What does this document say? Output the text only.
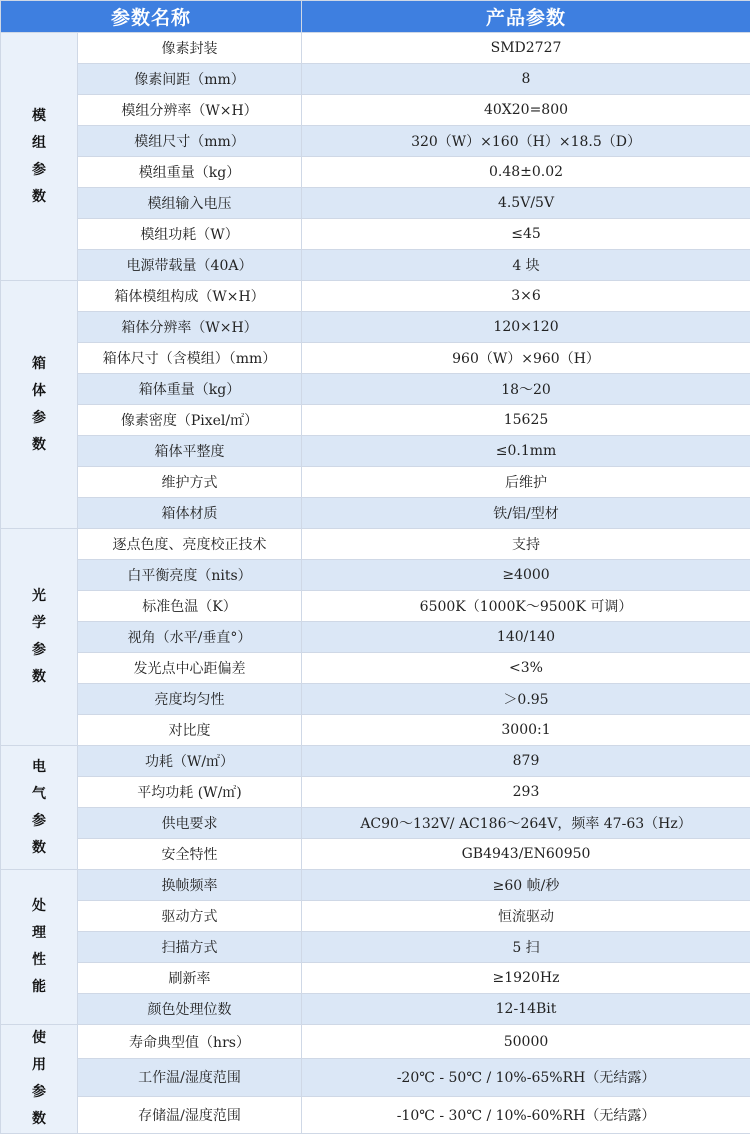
参数名称		产品参数
模组参数	像素封装	SMD2727
	像素间距（mm）	8
	模组分辨率（W×H）	40X20=800
	模组尺寸（mm）	320（W）×160（H）×18.5（D）
	模组重量（kg）	0.48±0.02
	模组输入电压	4.5V/5V
	模组功耗（W）	≤45
	电源带载量（40A）	4 块
箱体参数	箱体模组构成（W×H）	3×6
	箱体分辨率（W×H）	120×120
	箱体尺寸（含模组）（mm）	960（W）×960（H）
	箱体重量（kg）	18～20
	像素密度（Pixel/㎡）	15625
	箱体平整度	≤0.1mm
	维护方式	后维护
	箱体材质	铁/铝/型材
光学参数	逐点色度、亮度校正技术	支持
	白平衡亮度（nits）	≥4000
	标准色温（K）	6500K（1000K～9500K 可调）
	视角（水平/垂直°）	140/140
	发光点中心距偏差	<3%
	亮度均匀性	＞0.95
	对比度	3000:1
电气参数	功耗（W/㎡）	879
	平均功耗 (W/㎡)	293
	供电要求	AC90～132V/ AC186～264V，频率 47-63（Hz）
	安全特性	GB4943/EN60950
处理性能	换帧频率	≥60 帧/秒
	驱动方式	恒流驱动
	扫描方式	5 扫
	刷新率	≥1920Hz
	颜色处理位数	12-14Bit
使用参数	寿命典型值（hrs）	50000
	工作温/湿度范围	-20℃ - 50℃ / 10%-65%RH（无结露）
	存储温/湿度范围	-10℃ - 30℃ / 10%-60%RH（无结露）
